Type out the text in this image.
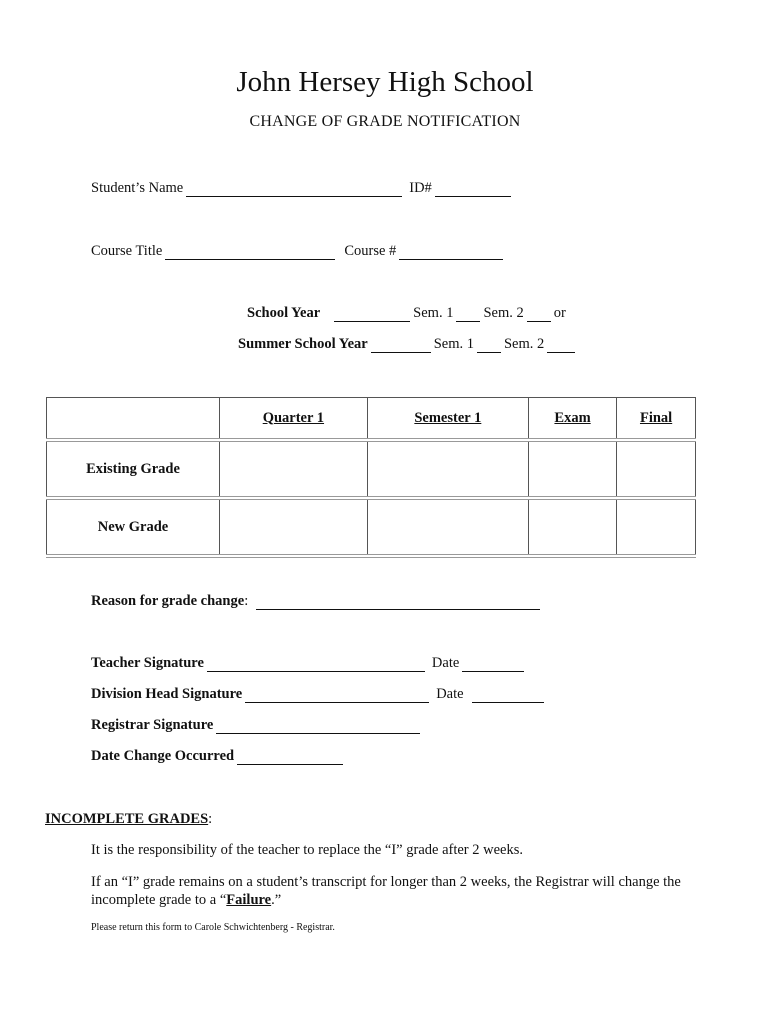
John Hersey High School
CHANGE OF GRADE NOTIFICATION
Student’s Name	ID#
Course Title	Course #
School Year	Sem. 1 Sem. 2 or
Summer School Year	Sem. 1 Sem. 2
	Quarter 1	Semester 1	Exam	Final
Existing Grade				
New Grade				
Reason for grade change :
Teacher Signature	Date
Division Head Signature	Date
Registrar Signature
Date Change Occurred
INCOMPLETE GRADES:
It is the responsibility of the teacher to replace the “I” grade after 2 weeks.
If an “I” grade remains on a student’s transcript for longer than 2 weeks, the Registrar will change the incomplete grade to a “Failure.”
Please return this form to Carole Schwichtenberg - Registrar.
